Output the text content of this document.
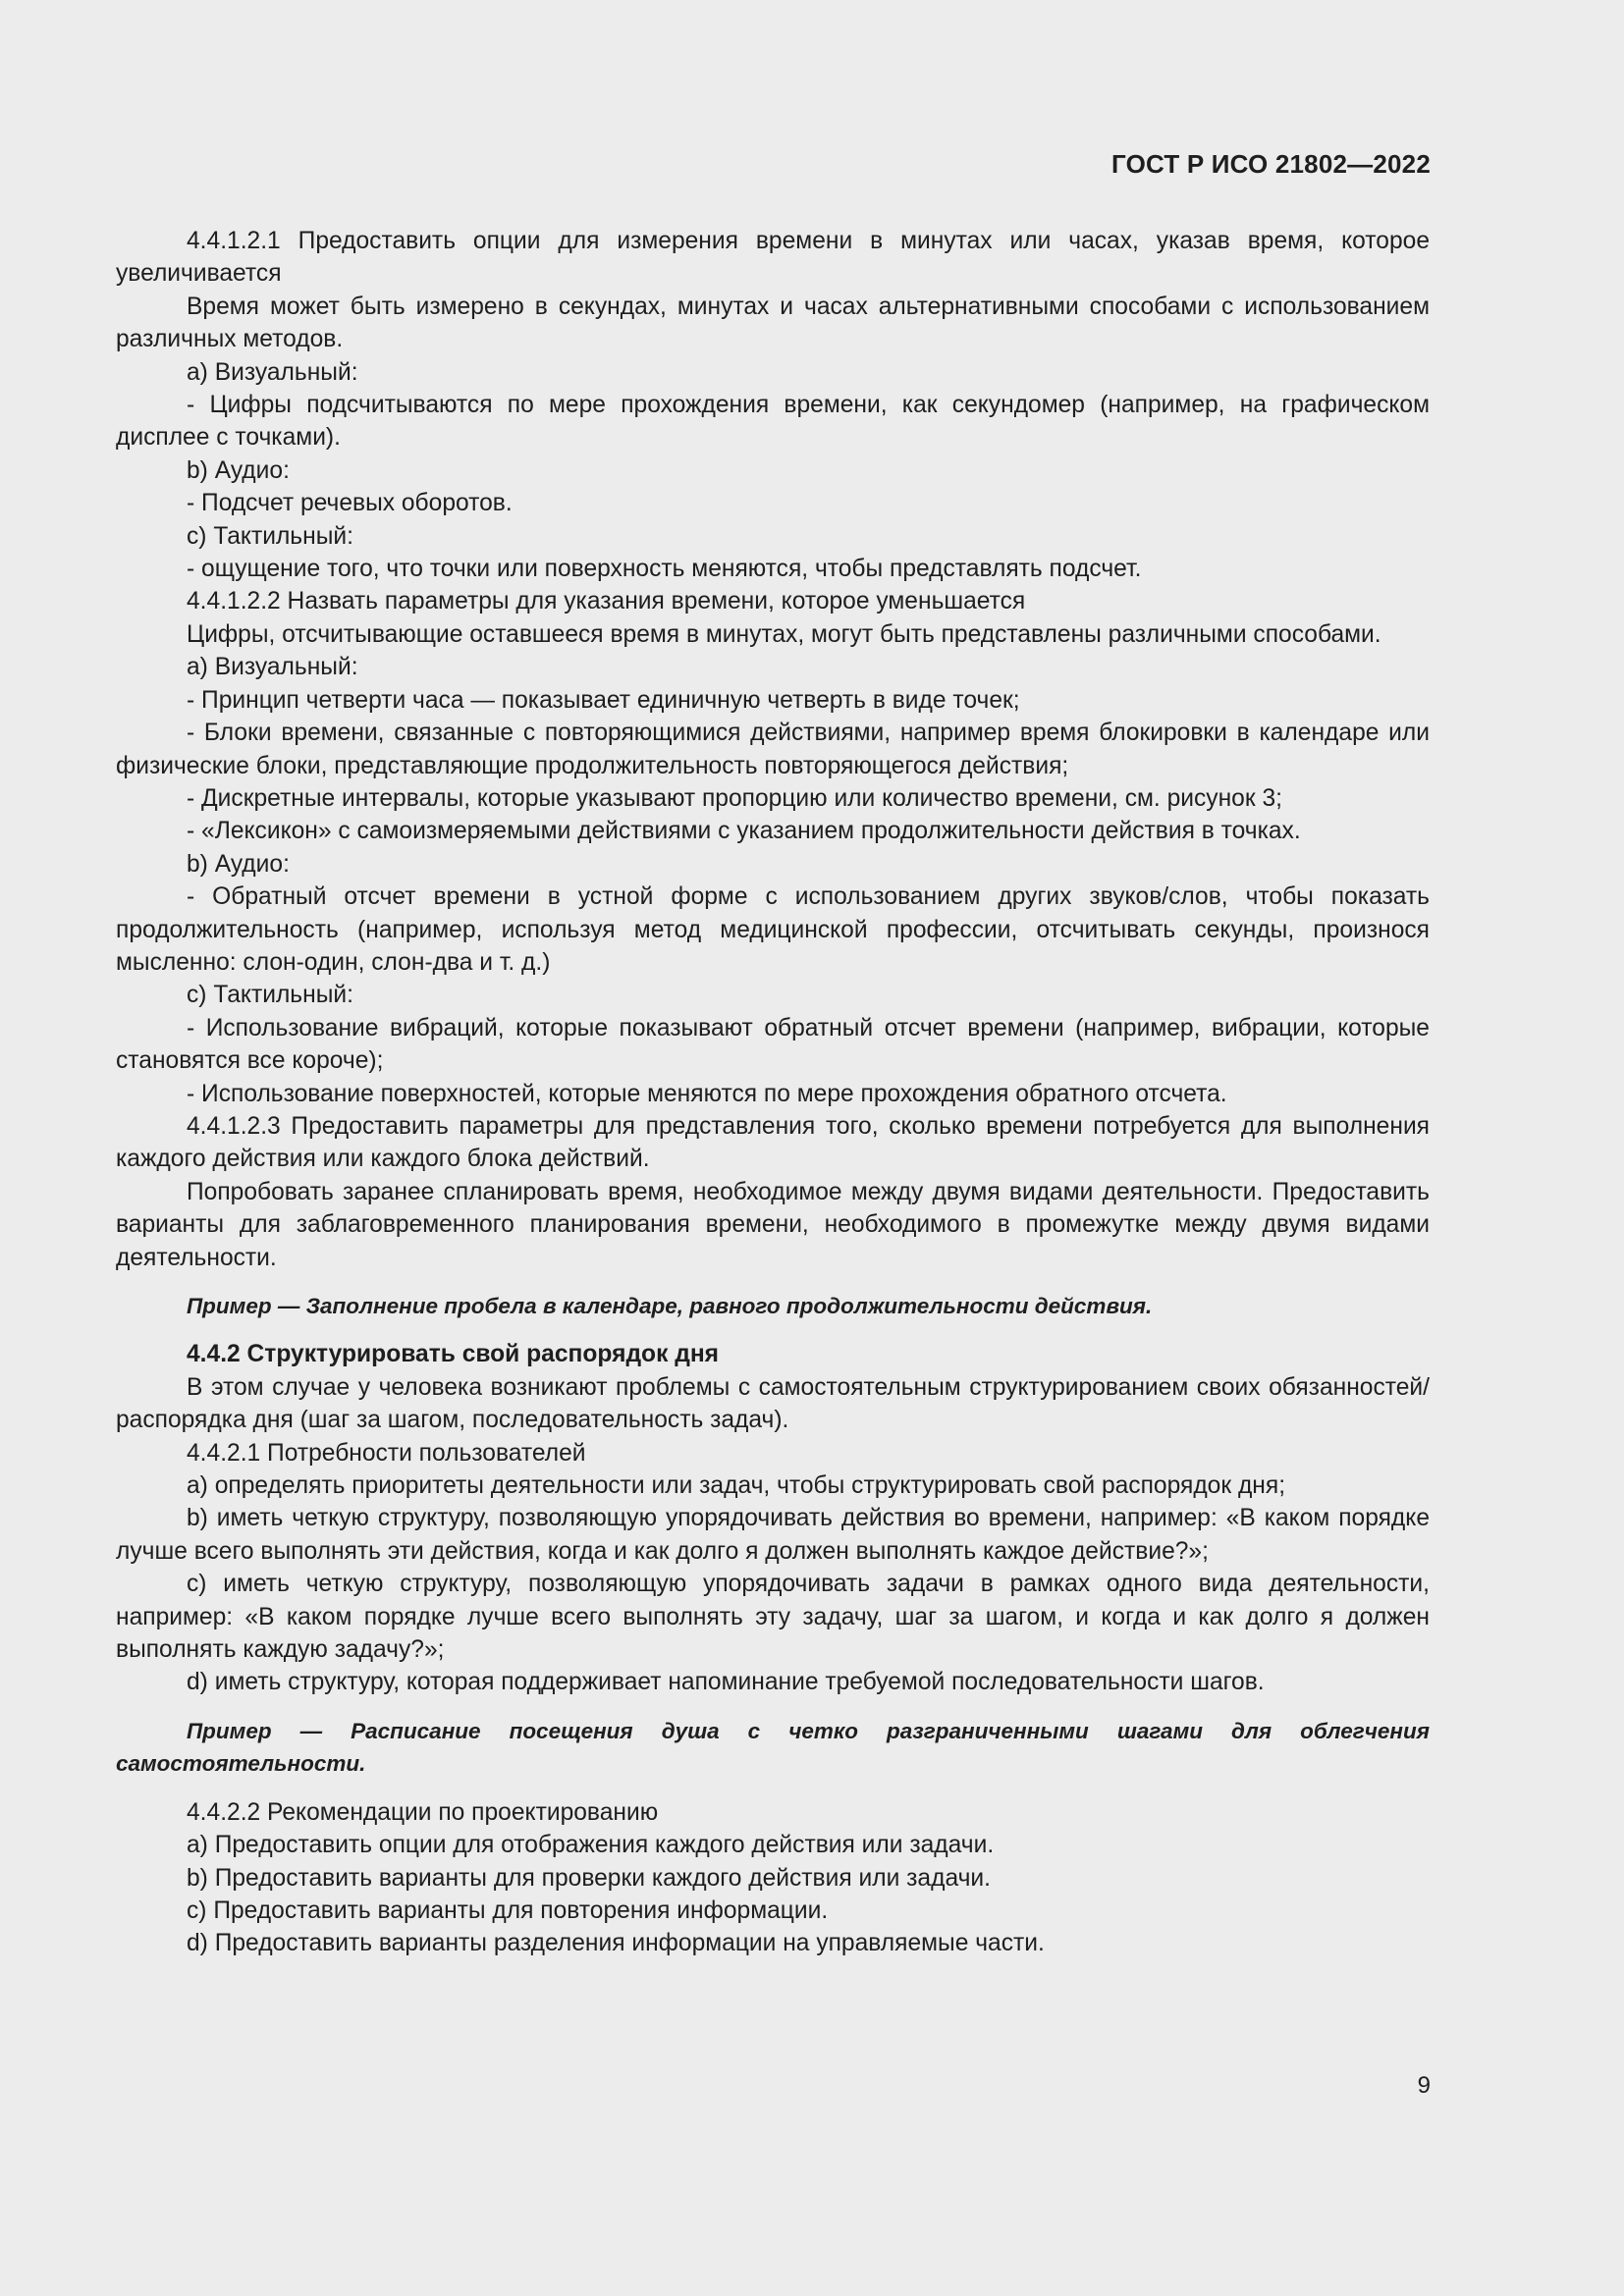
ГОСТ Р ИСО 21802—2022

4.4.1.2.1 Предоставить опции для измерения времени в минутах или часах, указав время, которое увеличивается

Время может быть измерено в секундах, минутах и часах альтернативными способами с использованием различных методов.

a) Визуальный:

- Цифры подсчитываются по мере прохождения времени, как секундомер (например, на графическом дисплее с точками).

b) Аудио:

- Подсчет речевых оборотов.

c) Тактильный:

- ощущение того, что точки или поверхность меняются, чтобы представлять подсчет.

4.4.1.2.2 Назвать параметры для указания времени, которое уменьшается

Цифры, отсчитывающие оставшееся время в минутах, могут быть представлены различными способами.

a) Визуальный:

- Принцип четверти часа — показывает единичную четверть в виде точек;

- Блоки времени, связанные с повторяющимися действиями, например время блокировки в календаре или физические блоки, представляющие продолжительность повторяющегося действия;

- Дискретные интервалы, которые указывают пропорцию или количество времени, см. рисунок 3;

- «Лексикон» с самоизмеряемыми действиями с указанием продолжительности действия в точках.

b) Аудио:

- Обратный отсчет времени в устной форме с использованием других звуков/слов, чтобы показать продолжительность (например, используя метод медицинской профессии, отсчитывать секунды, произнося мысленно: слон-один, слон-два и т. д.)

c) Тактильный:

- Использование вибраций, которые показывают обратный отсчет времени (например, вибрации, которые становятся все короче);

- Использование поверхностей, которые меняются по мере прохождения обратного отсчета.

4.4.1.2.3 Предоставить параметры для представления того, сколько времени потребуется для выполнения каждого действия или каждого блока действий.

Попробовать заранее спланировать время, необходимое между двумя видами деятельности. Предоставить варианты для заблаговременного планирования времени, необходимого в промежутке между двумя видами деятельности.

Пример — Заполнение пробела в календаре, равного продолжительности действия.

4.4.2 Структурировать свой распорядок дня

В этом случае у человека возникают проблемы с самостоятельным структурированием своих обязанностей/распорядка дня (шаг за шагом, последовательность задач).

4.4.2.1 Потребности пользователей

a) определять приоритеты деятельности или задач, чтобы структурировать свой распорядок дня;

b) иметь четкую структуру, позволяющую упорядочивать действия во времени, например: «В каком порядке лучше всего выполнять эти действия, когда и как долго я должен выполнять каждое действие?»;

c) иметь четкую структуру, позволяющую упорядочивать задачи в рамках одного вида деятельности, например: «В каком порядке лучше всего выполнять эту задачу, шаг за шагом, и когда и как долго я должен выполнять каждую задачу?»;

d) иметь структуру, которая поддерживает напоминание требуемой последовательности шагов.

Пример — Расписание посещения душа с четко разграниченными шагами для облегчения самостоятельности.

4.4.2.2 Рекомендации по проектированию

a) Предоставить опции для отображения каждого действия или задачи.

b) Предоставить варианты для проверки каждого действия или задачи.

c) Предоставить варианты для повторения информации.

d) Предоставить варианты разделения информации на управляемые части.

9
